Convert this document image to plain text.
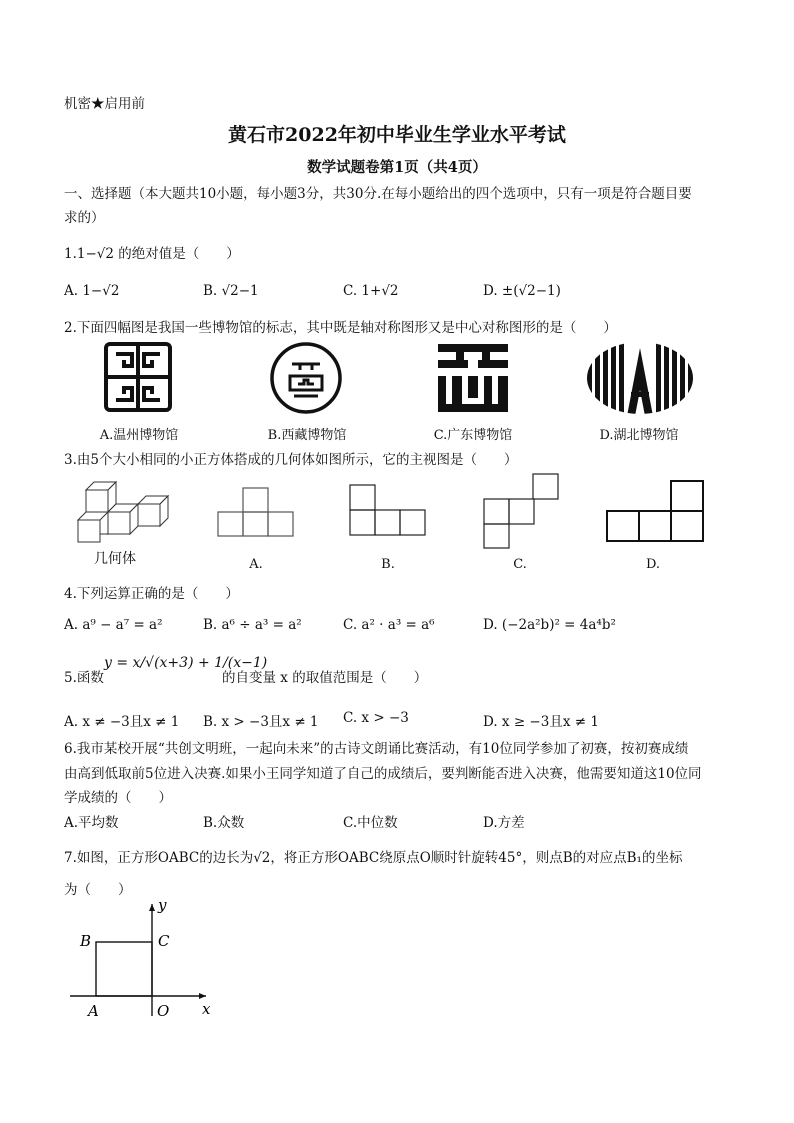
机密★启用前
黄石市2022年初中毕业生学业水平考试
数学试题卷第1页（共4页）
一、选择题（本大题共10小题，每小题3分，共30分.在每小题给出的四个选项中，只有一项是符合题目要
求的）
1.1−√2 的绝对值是（　　）
A. 1−√2	B. √2−1	C. 1+√2	D. ±(√2−1)
2.下面四幅图是我国一些博物馆的标志，其中既是轴对称图形又是中心对称图形的是（　　）
A.温州博物馆	B.西藏博物馆	C.广东博物馆	D.湖北博物馆
3.由5个大小相同的小正方体搭成的几何体如图所示，它的主视图是（　　）
几何体	A.	B.	C.	D.
4.下列运算正确的是（　　）
A. a⁹ − a⁷ = a²	B. a⁶ ÷ a³ = a²	C. a² · a³ = a⁶	D. (−2a²b)² = 4a⁴b²
5.函数
y = x/√(x+3) + 1/(x−1)
的自变量 x 的取值范围是（　　）
A. x ≠ −3且x ≠ 1 B. x > −3且x ≠ 1 C. x > −3	D. x ≥ −3且x ≠ 1
6.我市某校开展“共创文明班，一起向未来”的古诗文朗诵比赛活动，有10位同学参加了初赛，按初赛成绩
由高到低取前5位进入决赛.如果小王同学知道了自己的成绩后，要判断能否进入决赛，他需要知道这10位同
学成绩的（　　）
A.平均数	B.众数	C.中位数	D.方差
7.如图，正方形OABC的边长为√2，将正方形OABC绕原点O顺时针旋转45°，则点B的对应点B₁的坐标
为（　　）
B	C
A	O x
y
